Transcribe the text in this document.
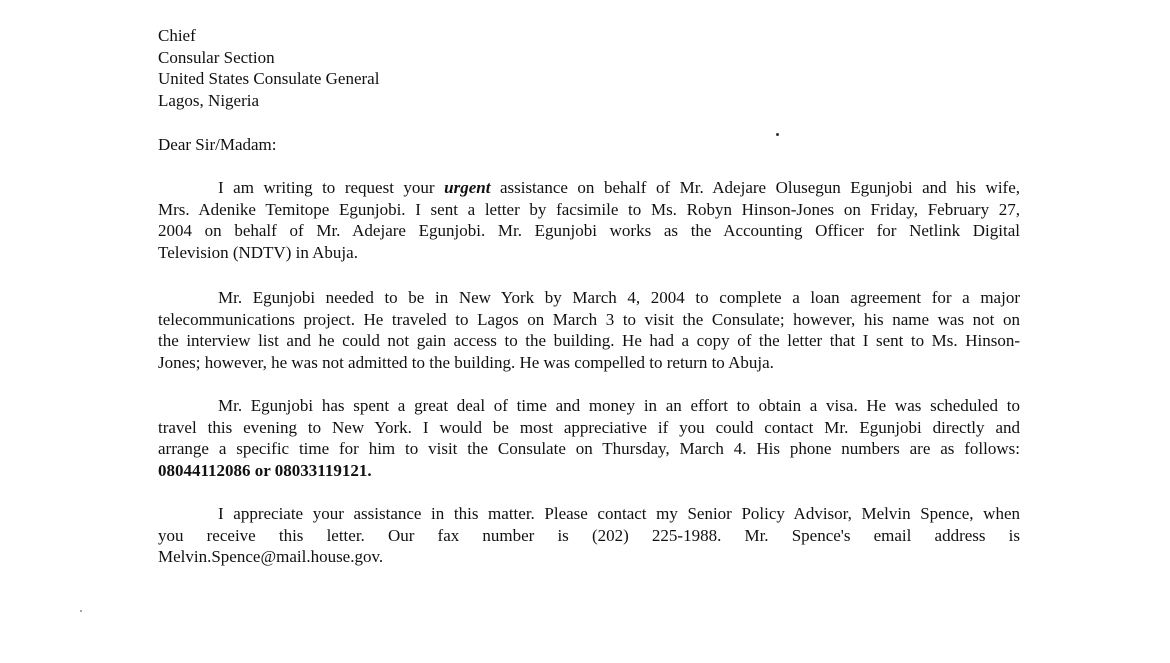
Chief
Consular Section
United States Consulate General
Lagos, Nigeria
Dear Sir/Madam:
I am writing to request your urgent assistance on behalf of Mr. Adejare Olusegun Egunjobi and his wife,
Mrs. Adenike Temitope Egunjobi. I sent a letter by facsimile to Ms. Robyn Hinson-Jones on Friday, February 27,
2004 on behalf of Mr. Adejare Egunjobi. Mr. Egunjobi works as the Accounting Officer for Netlink Digital
Television (NDTV) in Abuja.
Mr. Egunjobi needed to be in New York by March 4, 2004 to complete a loan agreement for a major
telecommunications project. He traveled to Lagos on March 3 to visit the Consulate; however, his name was not on
the interview list and he could not gain access to the building. He had a copy of the letter that I sent to Ms. Hinson-
Jones; however, he was not admitted to the building. He was compelled to return to Abuja.
Mr. Egunjobi has spent a great deal of time and money in an effort to obtain a visa. He was scheduled to
travel this evening to New York. I would be most appreciative if you could contact Mr. Egunjobi directly and
arrange a specific time for him to visit the Consulate on Thursday, March 4. His phone numbers are as follows:
08044112086 or 08033119121.
I appreciate your assistance in this matter. Please contact my Senior Policy Advisor, Melvin Spence, when
you receive this letter. Our fax number is (202) 225-1988. Mr. Spence's email address is
Melvin.Spence@mail.house.gov.
